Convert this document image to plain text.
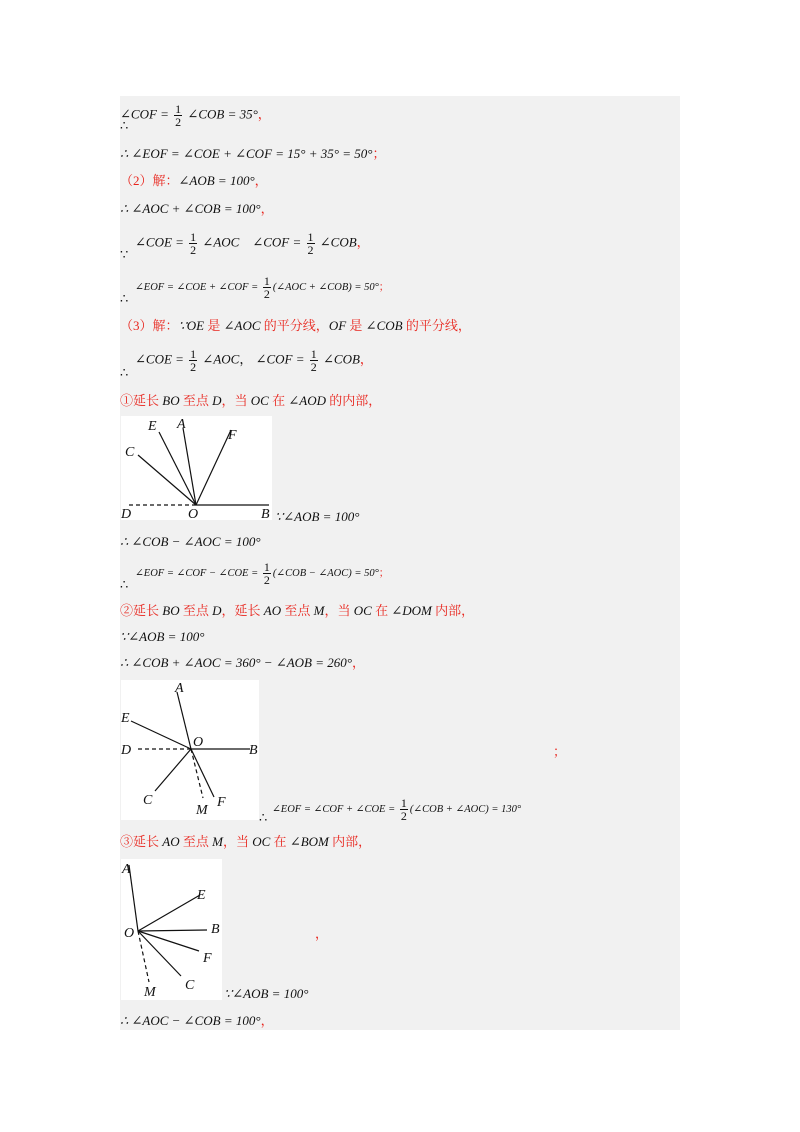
∠COF = $\frac{1}{2}$ ∠COB = 35°，
∴
∴ ∠EOF = ∠COE + ∠COF = 15° + 35° = 50°；
（2）解：∠AOB = 100°，
∴ ∠AOC + ∠COB = 100°，
∠COE = $\frac{1}{2}$ ∠AOC ∠COF = $\frac{1}{2}$ ∠COB，
∵
∠EOF = ∠COE + ∠COF = $\frac{1}{2}$ (∠AOC + ∠COB) = 50°；
∴
（3）解：∵OE 是 ∠AOC 的平分线，OF 是 ∠COB 的平分线，
∠COE = $\frac{1}{2}$ ∠AOC， ∠COF = $\frac{1}{2}$ ∠COB，
∴
①延长 BO 至点 D，当 OC 在 ∠AOD 的内部，
E A
F
C
D	O	B ∵∠AOB = 100°
∴ ∠COB − ∠AOC = 100°
∠EOF = ∠COF − ∠COE = $\frac{1}{2}$ (∠COB − ∠AOC) = 50°；
∴
②延长 BO 至点 D，延长 AO 至点 M，当 OC 在 ∠DOM 内部，
∵∠AOB = 100°
∴ ∠COB + ∠AOC = 360° − ∠AOB = 260°，
A
E
O
D	B
C
M
F
；
∠EOF = ∠COF + ∠COE = $\frac{1}{2}$ (∠COB + ∠AOC) = 130°
∴
③延长 AO 至点 M，当 OC 在 ∠BOM 内部，
A
E
O	B
F
M C
，
∵∠AOB = 100°
∴ ∠AOC − ∠COB = 100°，
